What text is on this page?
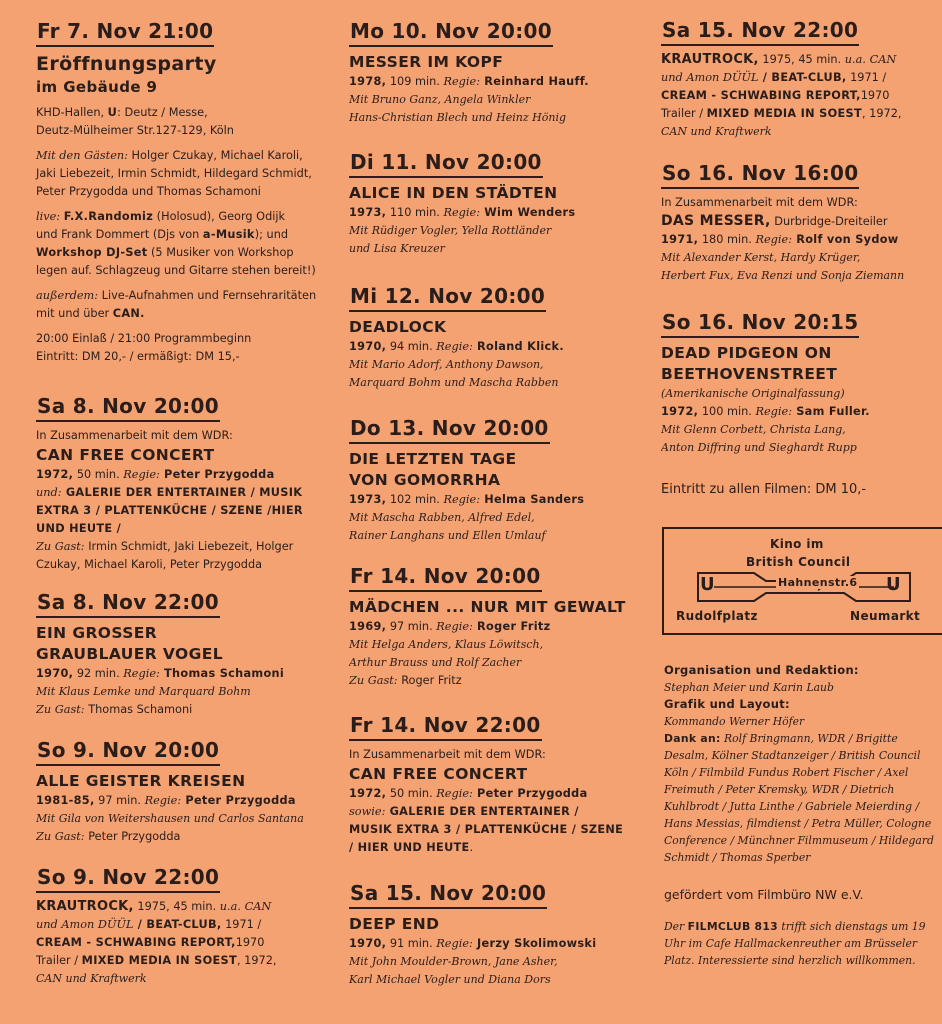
Fr 7. Nov 21:00
Eröffnungsparty
im Gebäude 9
KHD-Hallen, U: Deutz / Messe,
Deutz-Mülheimer Str.127-129, Köln
Mit den Gästen: Holger Czukay, Michael Karoli,
Jaki Liebezeit, Irmin Schmidt, Hildegard Schmidt,
Peter Przygodda und Thomas Schamoni
live: F.X.Randomiz (Holosud), Georg Odijk
und Frank Dommert (Djs von a-Musik); und
Workshop DJ-Set (5 Musiker von Workshop
legen auf. Schlagzeug und Gitarre stehen bereit!)
außerdem: Live-Aufnahmen und Fernsehraritäten
mit und über CAN.
20:00 Einlaß / 21:00 Programmbeginn
Eintritt: DM 20,- / ermäßigt: DM 15,-
Sa 8. Nov 20:00
In Zusammenarbeit mit dem WDR:
CAN FREE CONCERT
1972, 50 min. Regie: Peter Przygodda
und: GALERIE DER ENTERTAINER / MUSIK
EXTRA 3 / PLATTENKÜCHE / SZENE /HIER
UND HEUTE /
Zu Gast: Irmin Schmidt, Jaki Liebezeit, Holger
Czukay, Michael Karoli, Peter Przygodda
Sa 8. Nov 22:00
EIN GROSSER
GRAUBLAUER VOGEL
1970, 92 min. Regie: Thomas Schamoni
Mit Klaus Lemke und Marquard Bohm
Zu Gast: Thomas Schamoni
So 9. Nov 20:00
ALLE GEISTER KREISEN
1981-85, 97 min. Regie: Peter Przygodda
Mit Gila von Weitershausen und Carlos Santana
Zu Gast: Peter Przygodda
So 9. Nov 22:00
KRAUTROCK, 1975, 45 min. u.a. CAN
und Amon DÜÜL / BEAT-CLUB, 1971 /
CREAM - SCHWABING REPORT,1970
Trailer / MIXED MEDIA IN SOEST, 1972,
CAN und Kraftwerk
Mo 10. Nov 20:00
MESSER IM KOPF
1978, 109 min. Regie: Reinhard Hauff.
Mit Bruno Ganz, Angela Winkler
Hans-Christian Blech und Heinz Hönig
Di 11. Nov 20:00
ALICE IN DEN STÄDTEN
1973, 110 min. Regie: Wim Wenders
Mit Rüdiger Vogler, Yella Rottländer
und Lisa Kreuzer
Mi 12. Nov 20:00
DEADLOCK
1970, 94 min. Regie: Roland Klick.
Mit Mario Adorf, Anthony Dawson,
Marquard Bohm und Mascha Rabben
Do 13. Nov 20:00
DIE LETZTEN TAGE
VON GOMORRHA
1973, 102 min. Regie: Helma Sanders
Mit Mascha Rabben, Alfred Edel,
Rainer Langhans und Ellen Umlauf
Fr 14. Nov 20:00
MÄDCHEN ... NUR MIT GEWALT
1969, 97 min. Regie: Roger Fritz
Mit Helga Anders, Klaus Löwitsch,
Arthur Brauss und Rolf Zacher
Zu Gast: Roger Fritz
Fr 14. Nov 22:00
In Zusammenarbeit mit dem WDR:
CAN FREE CONCERT
1972, 50 min. Regie: Peter Przygodda
sowie: GALERIE DER ENTERTAINER /
MUSIK EXTRA 3 / PLATTENKÜCHE / SZENE
/ HIER UND HEUTE.
Sa 15. Nov 20:00
DEEP END
1970, 91 min. Regie: Jerzy Skolimowski
Mit John Moulder-Brown, Jane Asher,
Karl Michael Vogler und Diana Dors
Sa 15. Nov 22:00
KRAUTROCK, 1975, 45 min. u.a. CAN
und Amon DÜÜL / BEAT-CLUB, 1971 /
CREAM - SCHWABING REPORT,1970
Trailer / MIXED MEDIA IN SOEST, 1972,
CAN und Kraftwerk
So 16. Nov 16:00
In Zusammenarbeit mit dem WDR:
DAS MESSER, Durbridge-Dreiteiler
1971, 180 min. Regie: Rolf von Sydow
Mit Alexander Kerst, Hardy Krüger,
Herbert Fux, Eva Renzi und Sonja Ziemann
So 16. Nov 20:15
DEAD PIDGEON ON
BEETHOVENSTREET
(Amerikanische Originalfassung)
1972, 100 min. Regie: Sam Fuller.
Mit Glenn Corbett, Christa Lang,
Anton Diffring und Sieghardt Rupp
Eintritt zu allen Filmen: DM 10,-
Kino im
British Council
Hahnenstr.6
U	U
Rudolfplatz	Neumarkt
Organisation und Redaktion:
Stephan Meier und Karin Laub
Grafik und Layout:
Kommando Werner Höfer
Dank an: Rolf Bringmann, WDR / Brigitte
Desalm, Kölner Stadtanzeiger / British Council
Köln / Filmbild Fundus Robert Fischer / Axel
Freimuth / Peter Kremsky, WDR / Dietrich
Kuhlbrodt / Jutta Linthe / Gabriele Meierding /
Hans Messias, filmdienst / Petra Müller, Cologne
Conference / Münchner Filmmuseum / Hildegard
Schmidt / Thomas Sperber
gefördert vom Filmbüro NW e.V.
Der FILMCLUB 813 trifft sich dienstags um 19
Uhr im Cafe Hallmackenreuther am Brüsseler
Platz. Interessierte sind herzlich willkommen.
